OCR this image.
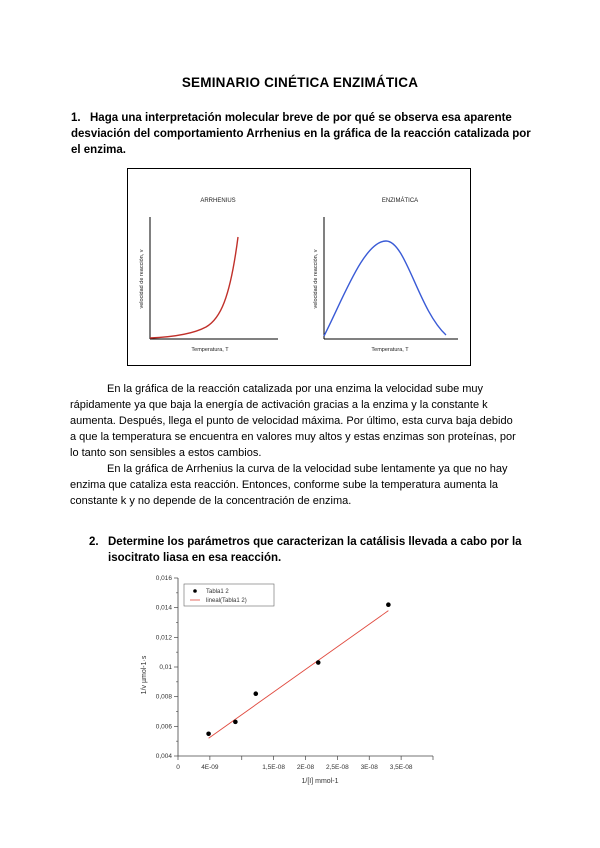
SEMINARIO CINÉTICA ENZIMÁTICA
1. Haga una interpretación molecular breve de por qué se observa esa aparente
desviación del comportamiento Arrhenius en la gráfica de la reacción catalizada por
el enzima.
ARRHENIUS
velocidad de reacción, v
Temperatura, T
ENZIMÁTICA
velocidad de reacción, v
Temperatura, T
En la gráfica de la reacción catalizada por una enzima la velocidad sube muy
rápidamente ya que baja la energía de activación gracias a la enzima y la constante k
aumenta. Después, llega el punto de velocidad máxima. Por último, esta curva baja debido
a que la temperatura se encuentra en valores muy altos y estas enzimas son proteínas, por
lo tanto son sensibles a estos cambios.
En la gráfica de Arrhenius la curva de la velocidad sube lentamente ya que no hay
enzima que cataliza esta reacción. Entonces, conforme sube la temperatura aumenta la
constante k y no depende de la concentración de enzima.
2. Determine los parámetros que caracterizan la catálisis llevada a cabo por la
isocitrato liasa en esa reacción.
0,004
0,006
0,008
0,01
0,012
0,014
0,016
0	4E-09	1,5E-08 2E-08 2,5E-08 3E-08 3,5E-08
Tabla1 2
lineal(Tabla1 2)
1/[I] mmol-1
1/v µmol-1·s
